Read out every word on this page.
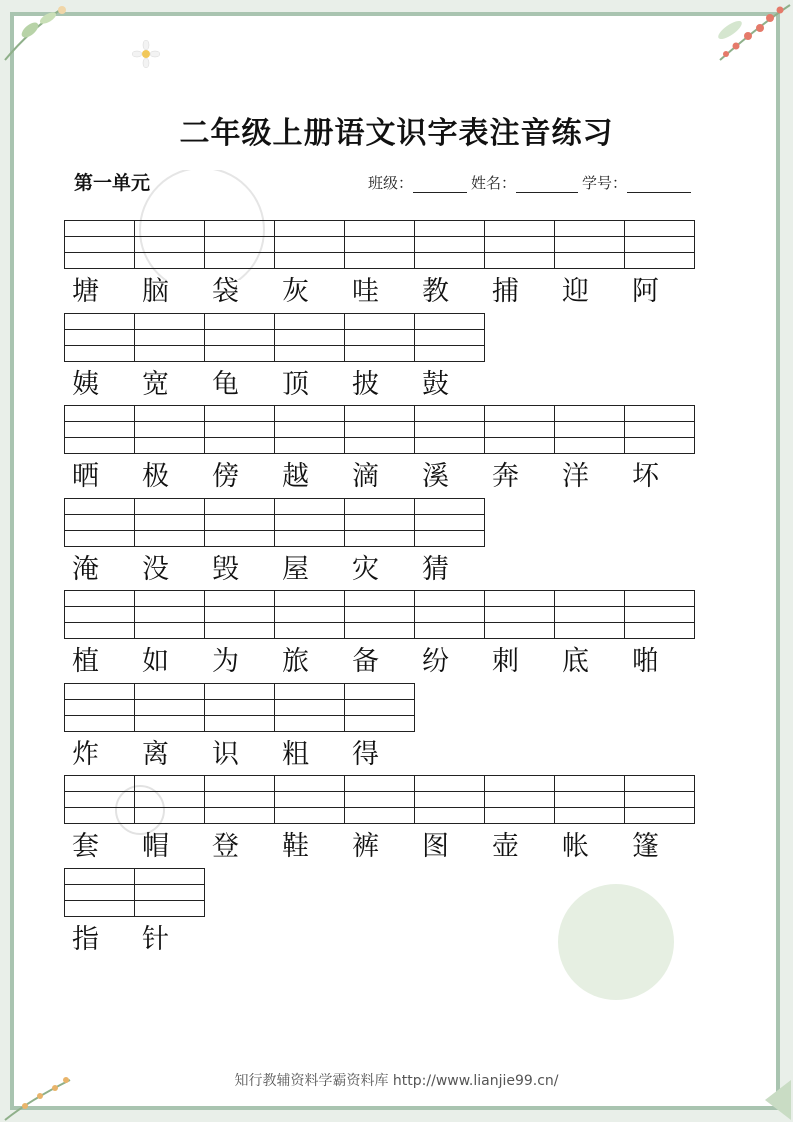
二年级上册语文识字表注音练习
第一单元	班级：	姓名：	学号：
塘	脑	袋	灰	哇	教	捕	迎	阿
姨	宽	龟	顶	披	鼓
晒	极	傍	越	滴	溪	奔	洋	坏
淹	没	毁	屋	灾	猜
植	如	为	旅	备	纷	刺	底	啪
炸	离	识	粗	得
套	帽	登	鞋	裤	图	壶	帐	篷
指	针
知行教辅资料学霸资料库 http://www.lianjie99.cn/
